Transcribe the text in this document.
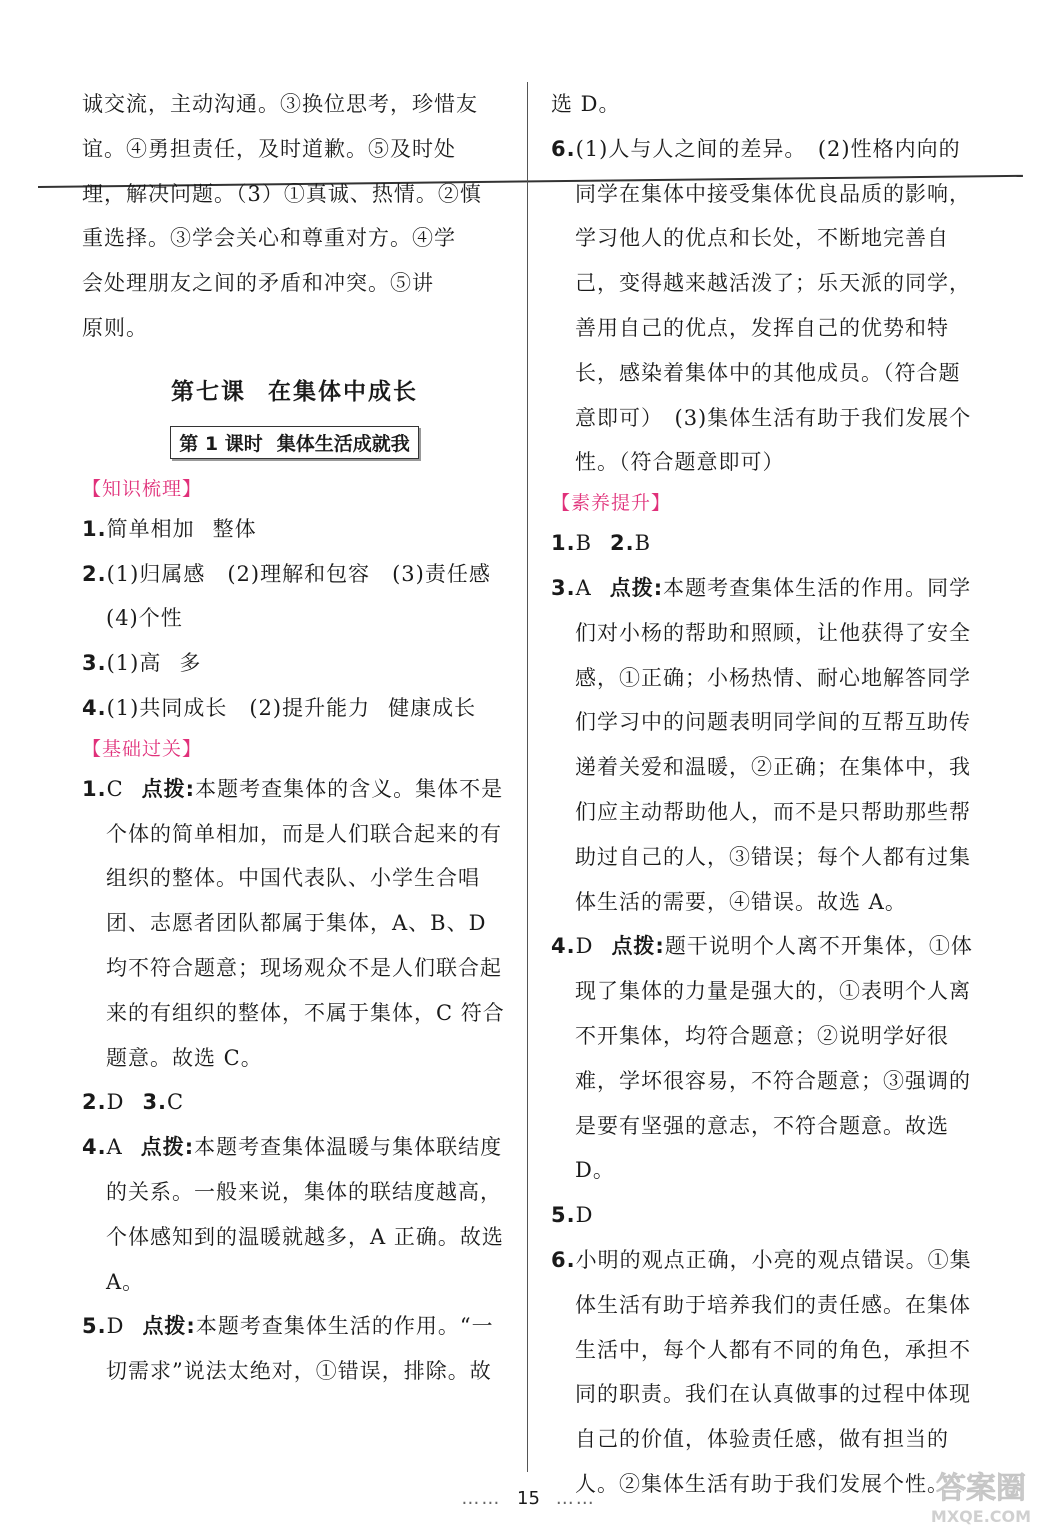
诚交流，主动沟通。③换位思考，珍惜友

谊。④勇担责任，及时道歉。⑤及时处

理，解决问题。（3）①真诚、热情。②慎

重选择。③学会关心和尊重对方。④学

会处理朋友之间的矛盾和冲突。⑤讲

原则。

第七课 在集体中成长
第 1 课时 集体生活成就我
【知识梳理】

1.简单相加 整体

2.(1)归属感　(2)理解和包容　(3)责任感
(4)个性

3.(1)高 多

4.(1)共同成长　(2)提升能力 健康成长

【基础过关】

1.C 点拨:本题考查集体的含义。集体不是个体的简单相加，而是人们联合起来的有组织的整体。中国代表队、小学生合唱团、志愿者团队都属于集体，A、B、D 均不符合题意；现场观众不是人们联合起来的有组织的整体，不属于集体，C 符合题意。故选 C。

2.D 3.C

4.A 点拨:本题考查集体温暖与集体联结度的关系。一般来说，集体的联结度越高，个体感知到的温暖就越多，A 正确。故选 A。

5.D 点拨:本题考查集体生活的作用。“一切需求”说法太绝对，①错误，排除。故

选 D。

6.(1)人与人之间的差异。　(2)性格内向的同学在集体中接受集体优良品质的影响，学习他人的优点和长处，不断地完善自己，变得越来越活泼了；乐天派的同学，善用自己的优点，发挥自己的优势和特长，感染着集体中的其他成员。（符合题意即可）　(3)集体生活有助于我们发展个性。（符合题意即可）

【素养提升】

1.B 2.B

3.A 点拨:本题考查集体生活的作用。同学们对小杨的帮助和照顾，让他获得了安全感，①正确；小杨热情、耐心地解答同学们学习中的问题表明同学间的互帮互助传递着关爱和温暖，②正确；在集体中，我们应主动帮助他人，而不是只帮助那些帮助过自己的人，③错误；每个人都有过集体生活的需要，④错误。故选 A。

4.D 点拨:题干说明个人离不开集体，①体现了集体的力量是强大的，①表明个人离不开集体，均符合题意；②说明学好很难，学坏很容易，不符合题意；③强调的是要有坚强的意志，不符合题意。故选 D。

5.D

6.小明的观点正确，小亮的观点错误。①集体生活有助于培养我们的责任感。在集体生活中，每个人都有不同的角色，承担不同的职责。我们在认真做事的过程中体现自己的价值，体验责任感，做有担当的人。②集体生活有助于我们发展个性。

…… 15 ……	答案圈
MXQE.COM
